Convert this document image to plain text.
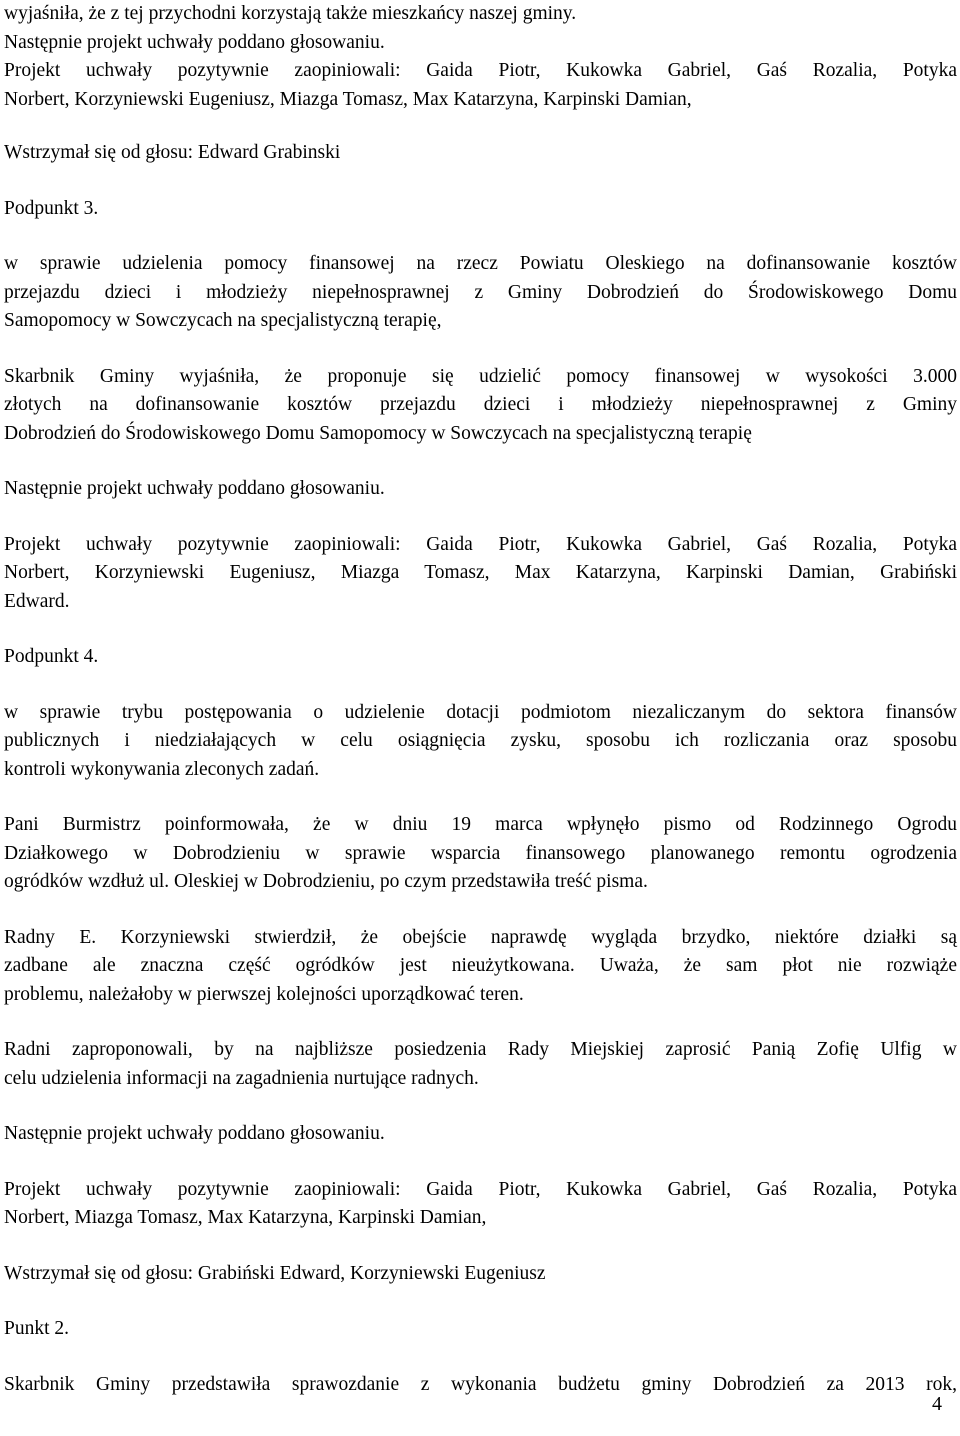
wyjaśniła, że z tej przychodni korzystają także mieszkańcy naszej gminy.
Następnie projekt uchwały poddano głosowaniu.
Projekt uchwały pozytywnie zaopiniowali: Gaida Piotr, Kukowka Gabriel, Gaś Rozalia, Potyka
Norbert, Korzyniewski Eugeniusz, Miazga Tomasz, Max Katarzyna, Karpinski Damian,
Wstrzymał się od głosu: Edward Grabinski
Podpunkt 3.
w sprawie udzielenia pomocy finansowej na rzecz Powiatu Oleskiego na dofinansowanie kosztów
przejazdu dzieci i młodzieży niepełnosprawnej z Gminy Dobrodzień do Środowiskowego Domu
Samopomocy w Sowczycach na specjalistyczną terapię,
Skarbnik Gminy wyjaśniła, że proponuje się udzielić pomocy finansowej w wysokości 3.000
złotych na dofinansowanie kosztów przejazdu dzieci i młodzieży niepełnosprawnej z Gminy
Dobrodzień do Środowiskowego Domu Samopomocy w Sowczycach na specjalistyczną terapię
Następnie projekt uchwały poddano głosowaniu.
Projekt uchwały pozytywnie zaopiniowali: Gaida Piotr, Kukowka Gabriel, Gaś Rozalia, Potyka
Norbert, Korzyniewski Eugeniusz, Miazga Tomasz, Max Katarzyna, Karpinski Damian, Grabiński
Edward.
Podpunkt 4.
w sprawie trybu postępowania o udzielenie dotacji podmiotom niezaliczanym do sektora finansów
publicznych i niedziałających w celu osiągnięcia zysku, sposobu ich rozliczania oraz sposobu
kontroli wykonywania zleconych zadań.
Pani Burmistrz poinformowała, że w dniu 19 marca wpłynęło pismo od Rodzinnego Ogrodu
Działkowego w Dobrodzieniu w sprawie wsparcia finansowego planowanego remontu ogrodzenia
ogródków wzdłuż ul. Oleskiej w Dobrodzieniu, po czym przedstawiła treść pisma.
Radny E. Korzyniewski stwierdził, że obejście naprawdę wygląda brzydko, niektóre działki są
zadbane ale znaczna część ogródków jest nieużytkowana. Uważa, że sam płot nie rozwiąże
problemu, należałoby w pierwszej kolejności uporządkować teren.
Radni zaproponowali, by na najbliższe posiedzenia Rady Miejskiej zaprosić Panią Zofię Ulfig w
celu udzielenia informacji na zagadnienia nurtujące radnych.
Następnie projekt uchwały poddano głosowaniu.
Projekt uchwały pozytywnie zaopiniowali: Gaida Piotr, Kukowka Gabriel, Gaś Rozalia, Potyka
Norbert, Miazga Tomasz, Max Katarzyna, Karpinski Damian,
Wstrzymał się od głosu: Grabiński Edward, Korzyniewski Eugeniusz
Punkt 2.
Skarbnik Gminy przedstawiła sprawozdanie z wykonania budżetu gminy Dobrodzień za 2013 rok,
4
